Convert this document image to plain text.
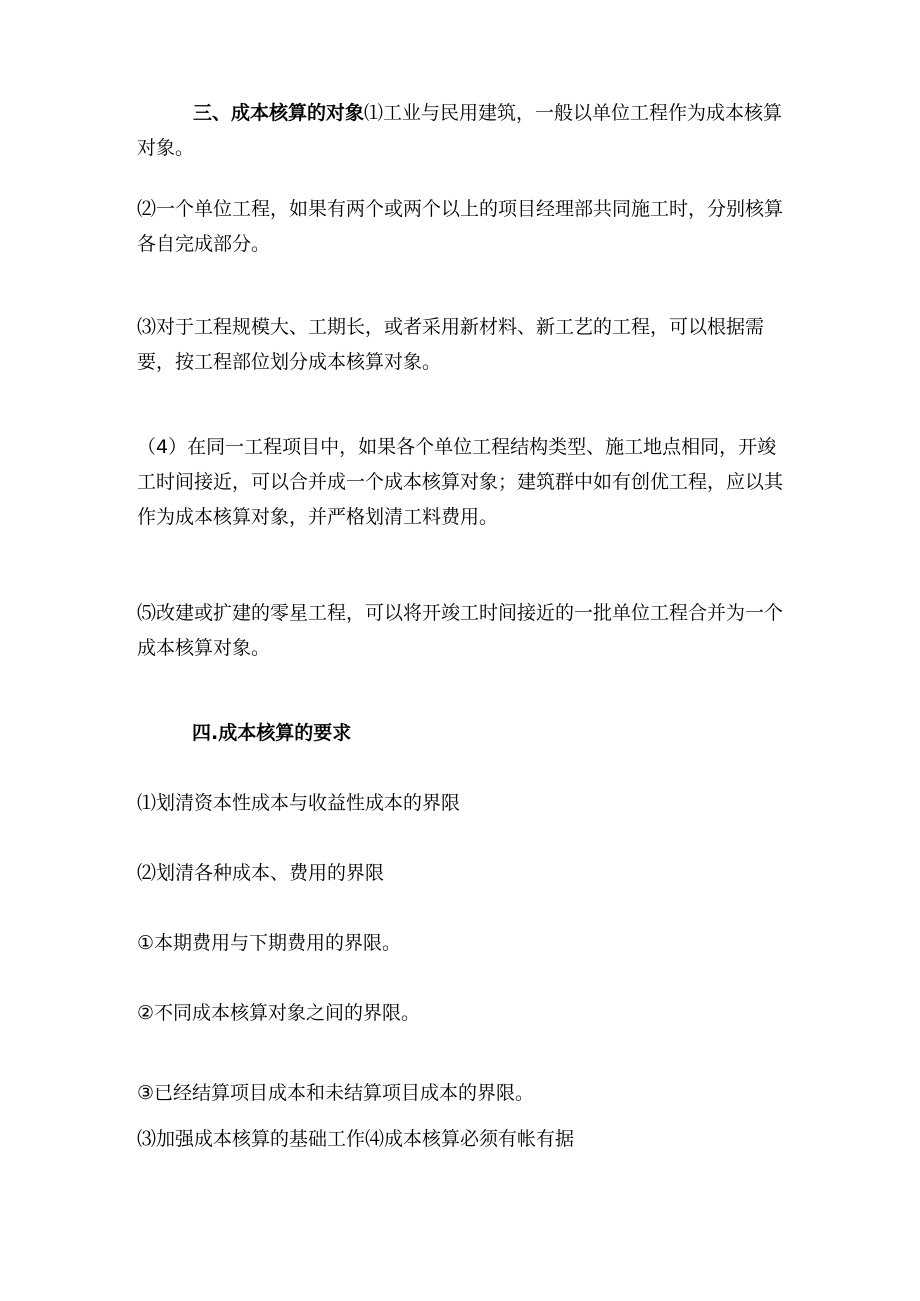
三、成本核算的对象⑴工业与民用建筑，一般以单位工程作为成本核算对象。

⑵一个单位工程，如果有两个或两个以上的项目经理部共同施工时，分别核算各自完成部分。

⑶对于工程规模大、工期长，或者采用新材料、新工艺的工程，可以根据需要，按工程部位划分成本核算对象。

（4）在同一工程项目中，如果各个单位工程结构类型、施工地点相同，开竣工时间接近，可以合并成一个成本核算对象；建筑群中如有创优工程，应以其作为成本核算对象，并严格划清工料费用。

⑸改建或扩建的零星工程，可以将开竣工时间接近的一批单位工程合并为一个成本核算对象。

四.成本核算的要求

⑴划清资本性成本与收益性成本的界限

⑵划清各种成本、费用的界限

①本期费用与下期费用的界限。

②不同成本核算对象之间的界限。

③已经结算项目成本和未结算项目成本的界限。

⑶加强成本核算的基础工作⑷成本核算必须有帐有据
